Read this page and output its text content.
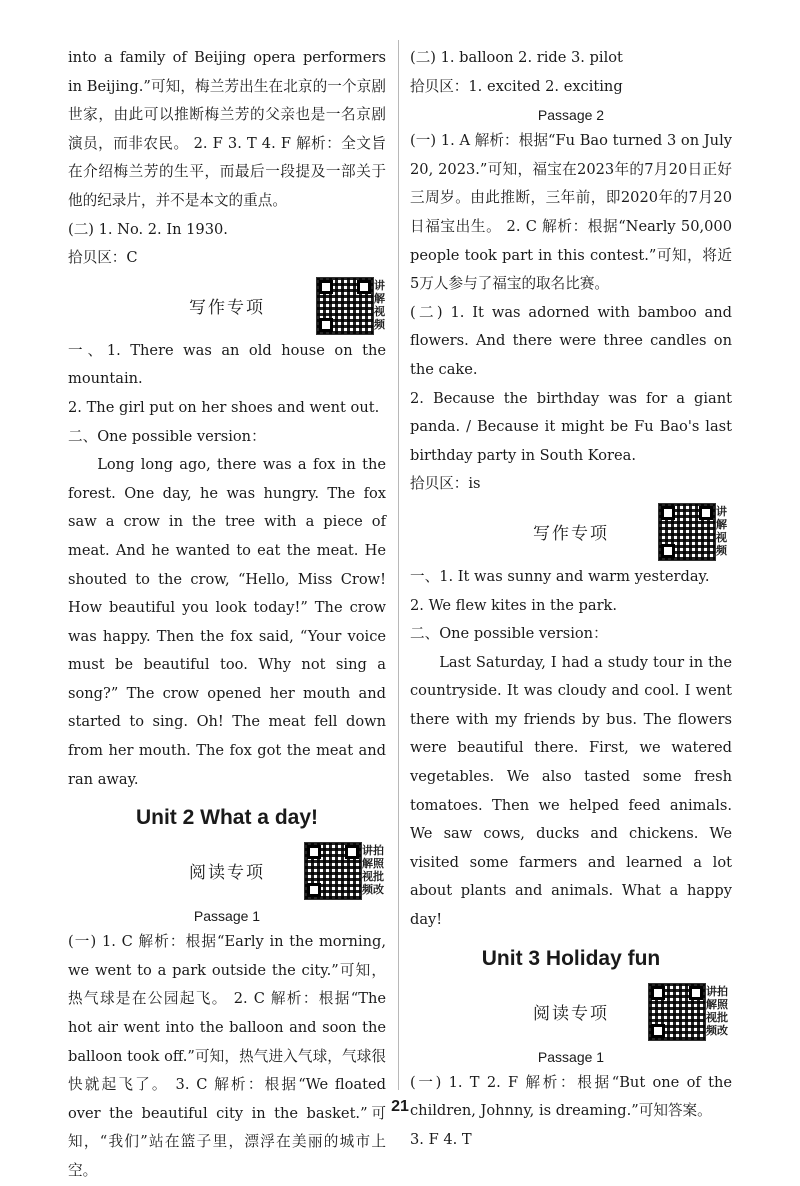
into a family of Beijing opera performers in Beijing.”可知，梅兰芳出生在北京的一个京剧世家，由此可以推断梅兰芳的父亲也是一名京剧演员，而非农民。 2. F 3. T 4. F 解析：全文旨在介绍梅兰芳的生平，而最后一段提及一部关于他的纪录片，并不是本文的重点。

(二) 1. No. 2. In 1930.

拾贝区：C

写作专项
讲解视频

一、1. There was an old house on the mountain.

2. The girl put on her shoes and went out.

二、One possible version：

Long long ago, there was a fox in the forest. One day, he was hungry. The fox saw a crow in the tree with a piece of meat. And he wanted to eat the meat. He shouted to the crow, “Hello, Miss Crow! How beautiful you look today!” The crow was happy. Then the fox said, “Your voice must be beautiful too. Why not sing a song?” The crow opened her mouth and started to sing. Oh! The meat fell down from her mouth. The fox got the meat and ran away.

Unit 2 What a day!
阅读专项
讲拍解照视批频改
Passage 1

(一) 1. C 解析：根据“Early in the morning, we went to a park outside the city.”可知，热气球是在公园起飞。 2. C 解析：根据“The hot air went into the balloon and soon the balloon took off.”可知，热气进入气球，气球很快就起飞了。 3. C 解析：根据“We floated over the beautiful city in the basket.”可知，“我们”站在篮子里，漂浮在美丽的城市上空。

(二) 1. balloon 2. ride 3. pilot

拾贝区：1. excited 2. exciting

Passage 2

(一) 1. A 解析：根据“Fu Bao turned 3 on July 20, 2023.”可知，福宝在2023年的7月20日正好三周岁。由此推断，三年前，即2020年的7月20日福宝出生。 2. C 解析：根据“Nearly 50,000 people took part in this contest.”可知，将近5万人参与了福宝的取名比赛。

(二) 1. It was adorned with bamboo and flowers. And there were three candles on the cake.

2. Because the birthday was for a giant panda. / Because it might be Fu Bao's last birthday party in South Korea.

拾贝区：is

写作专项
讲解视频

一、1. It was sunny and warm yesterday.

2. We flew kites in the park.

二、One possible version：

Last Saturday, I had a study tour in the countryside. It was cloudy and cool. I went there with my friends by bus. The flowers were beautiful there. First, we watered vegetables. We also tasted some fresh tomatoes. Then we helped feed animals. We saw cows, ducks and chickens. We visited some farmers and learned a lot about plants and animals. What a happy day!

Unit 3 Holiday fun
阅读专项
讲拍解照视批频改
Passage 1

(一) 1. T 2. F 解析：根据“But one of the children, Johnny, is dreaming.”可知答案。

3. F 4. T

21
